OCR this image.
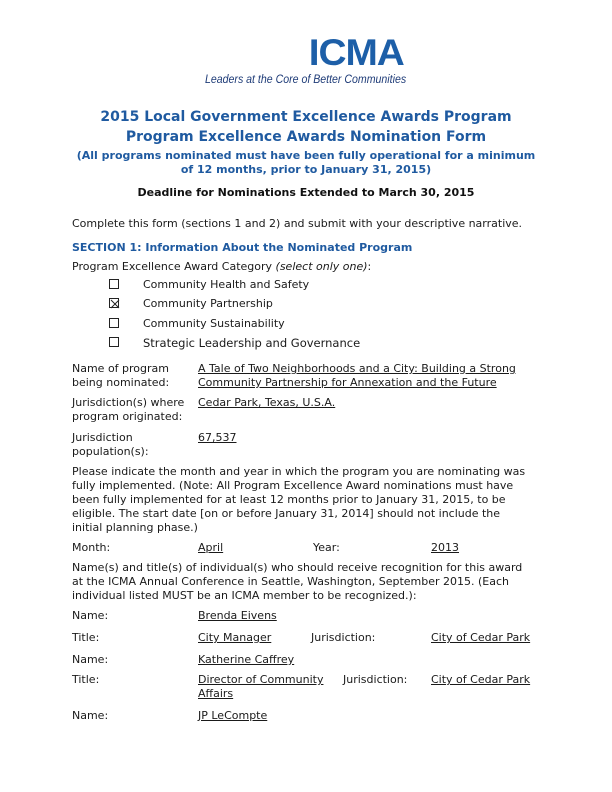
ICMA
Leaders at the Core of Better Communities
2015 Local Government Excellence Awards Program
Program Excellence Awards Nomination Form
(All programs nominated must have been fully operational for a minimum
of 12 months, prior to January 31, 2015)
Deadline for Nominations Extended to March 30, 2015
Complete this form (sections 1 and 2) and submit with your descriptive narrative.
SECTION 1: Information About the Nominated Program
Program Excellence Award Category (select only one):
Community Health and Safety
Community Partnership
Community Sustainability
Strategic Leadership and Governance
Name of program
being nominated:
A Tale of Two Neighborhoods and a City: Building a Strong
Community Partnership for Annexation and the Future
Jurisdiction(s) where
program originated:
Cedar Park, Texas, U.S.A.
Jurisdiction
population(s):
67,537
Please indicate the month and year in which the program you are nominating was
fully implemented. (Note: All Program Excellence Award nominations must have
been fully implemented for at least 12 months prior to January 31, 2015, to be
eligible. The start date [on or before January 31, 2014] should not include the
initial planning phase.)
Month:	April	Year:	2013
Name(s) and title(s) of individual(s) who should receive recognition for this award
at the ICMA Annual Conference in Seattle, Washington, September 2015. (Each
individual listed MUST be an ICMA member to be recognized.):
Name:	Brenda Eivens
Title:	City Manager	Jurisdiction:	City of Cedar Park
Name:	Katherine Caffrey
Title:	Director of Community
Affairs
Jurisdiction: City of Cedar Park
Name:	JP LeCompte
